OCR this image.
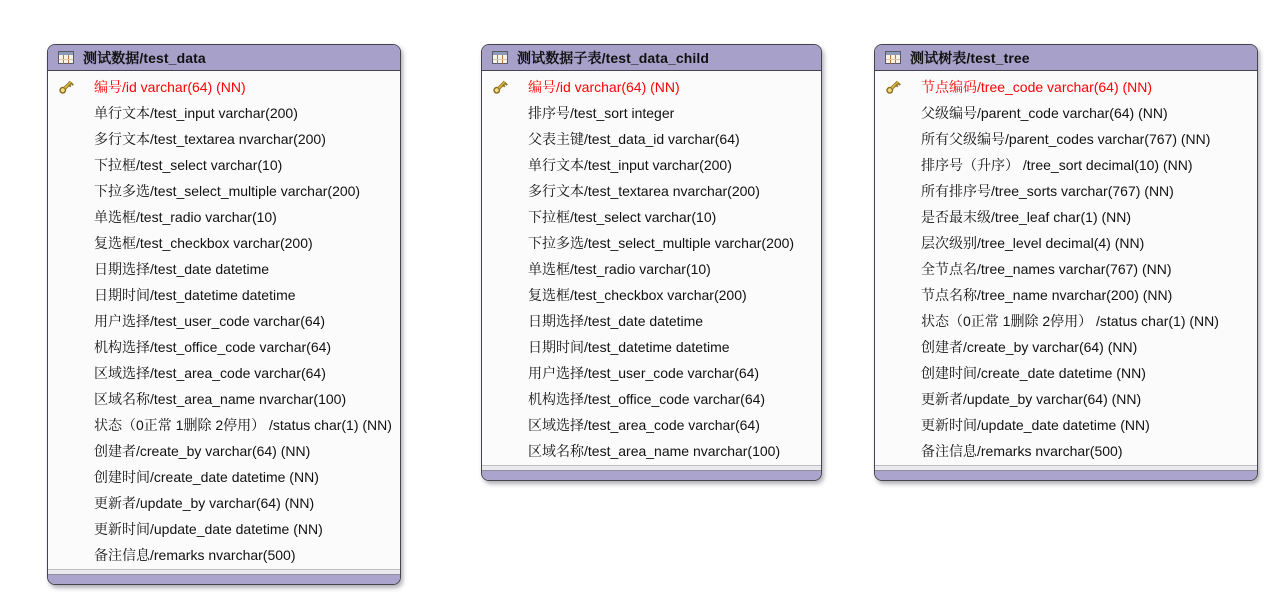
测试数据/test_data
编号/id varchar(64) (NN)
单行文本/test_input varchar(200)
多行文本/test_textarea nvarchar(200)
下拉框/test_select varchar(10)
下拉多选/test_select_multiple varchar(200)
单选框/test_radio varchar(10)
复选框/test_checkbox varchar(200)
日期选择/test_date datetime
日期时间/test_datetime datetime
用户选择/test_user_code varchar(64)
机构选择/test_office_code varchar(64)
区域选择/test_area_code varchar(64)
区域名称/test_area_name nvarchar(100)
状态（0正常 1删除 2停用） /status char(1) (NN)
创建者/create_by varchar(64) (NN)
创建时间/create_date datetime (NN)
更新者/update_by varchar(64) (NN)
更新时间/update_date datetime (NN)
备注信息/remarks nvarchar(500)
测试数据子表/test_data_child
编号/id varchar(64) (NN)
排序号/test_sort integer
父表主键/test_data_id varchar(64)
单行文本/test_input varchar(200)
多行文本/test_textarea nvarchar(200)
下拉框/test_select varchar(10)
下拉多选/test_select_multiple varchar(200)
单选框/test_radio varchar(10)
复选框/test_checkbox varchar(200)
日期选择/test_date datetime
日期时间/test_datetime datetime
用户选择/test_user_code varchar(64)
机构选择/test_office_code varchar(64)
区域选择/test_area_code varchar(64)
区域名称/test_area_name nvarchar(100)
测试树表/test_tree
节点编码/tree_code varchar(64) (NN)
父级编号/parent_code varchar(64) (NN)
所有父级编号/parent_codes varchar(767) (NN)
排序号（升序） /tree_sort decimal(10) (NN)
所有排序号/tree_sorts varchar(767) (NN)
是否最末级/tree_leaf char(1) (NN)
层次级别/tree_level decimal(4) (NN)
全节点名/tree_names varchar(767) (NN)
节点名称/tree_name nvarchar(200) (NN)
状态（0正常 1删除 2停用） /status char(1) (NN)
创建者/create_by varchar(64) (NN)
创建时间/create_date datetime (NN)
更新者/update_by varchar(64) (NN)
更新时间/update_date datetime (NN)
备注信息/remarks nvarchar(500)
